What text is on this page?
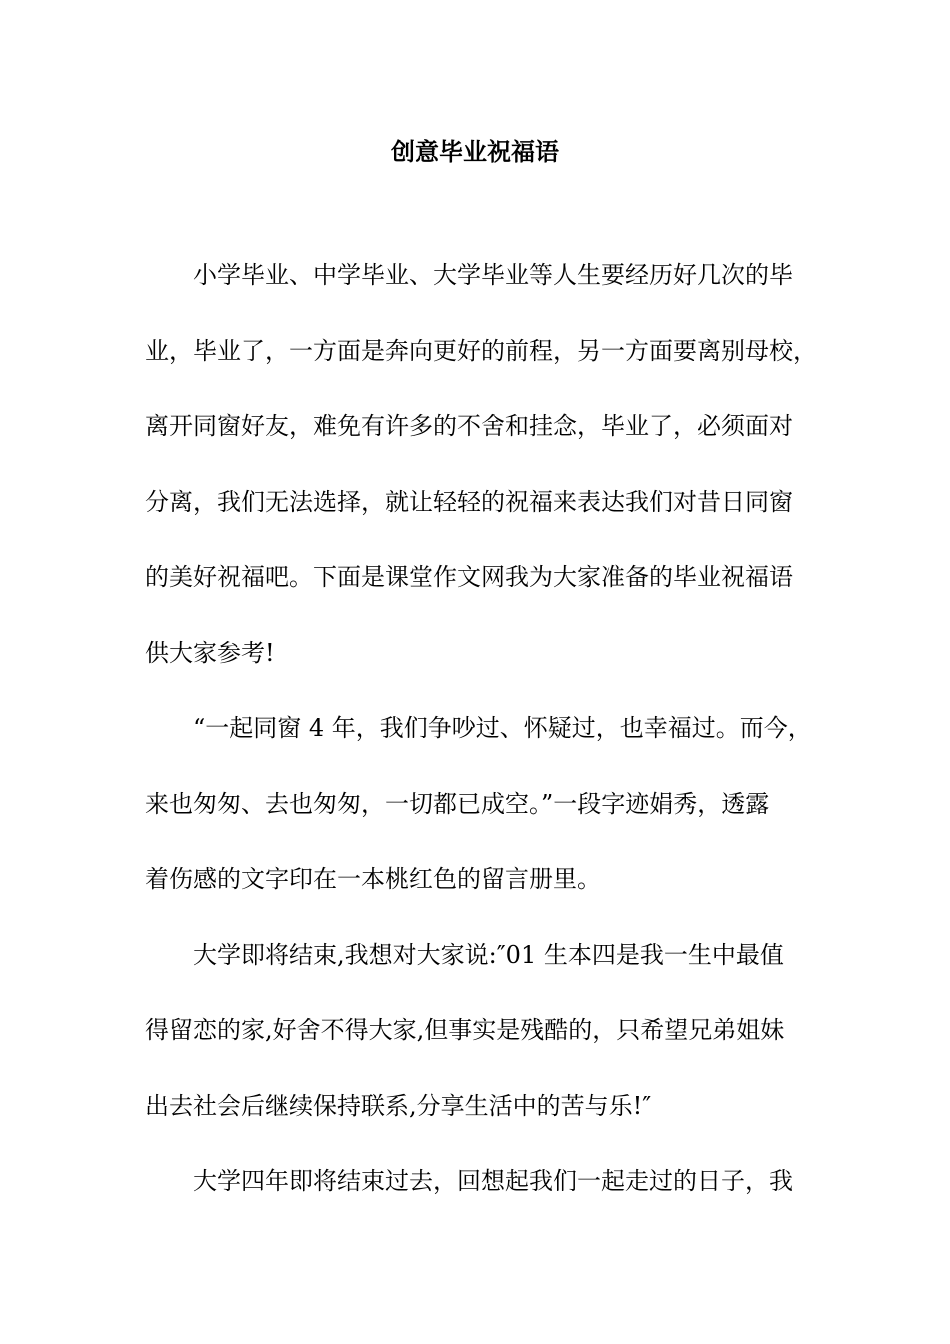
创意毕业祝福语
小学毕业、中学毕业、大学毕业等人生要经历好几次的毕
业，毕业了，一方面是奔向更好的前程，另一方面要离别母校，
离开同窗好友，难免有许多的不舍和挂念，毕业了，必须面对
分离，我们无法选择，就让轻轻的祝福来表达我们对昔日同窗
的美好祝福吧。下面是课堂作文网我为大家准备的毕业祝福语
供大家参考!
“一起同窗 4 年，我们争吵过、怀疑过，也幸福过。而今，
来也匆匆、去也匆匆，一切都已成空。”一段字迹娟秀，透露
着伤感的文字印在一本桃红色的留言册里。
大学即将结束,我想对大家说:″01 生本四是我一生中最值
得留恋的家,好舍不得大家,但事实是残酷的，只希望兄弟姐妹
出去社会后继续保持联系,分享生活中的苦与乐!″
大学四年即将结束过去，回想起我们一起走过的日子，我
